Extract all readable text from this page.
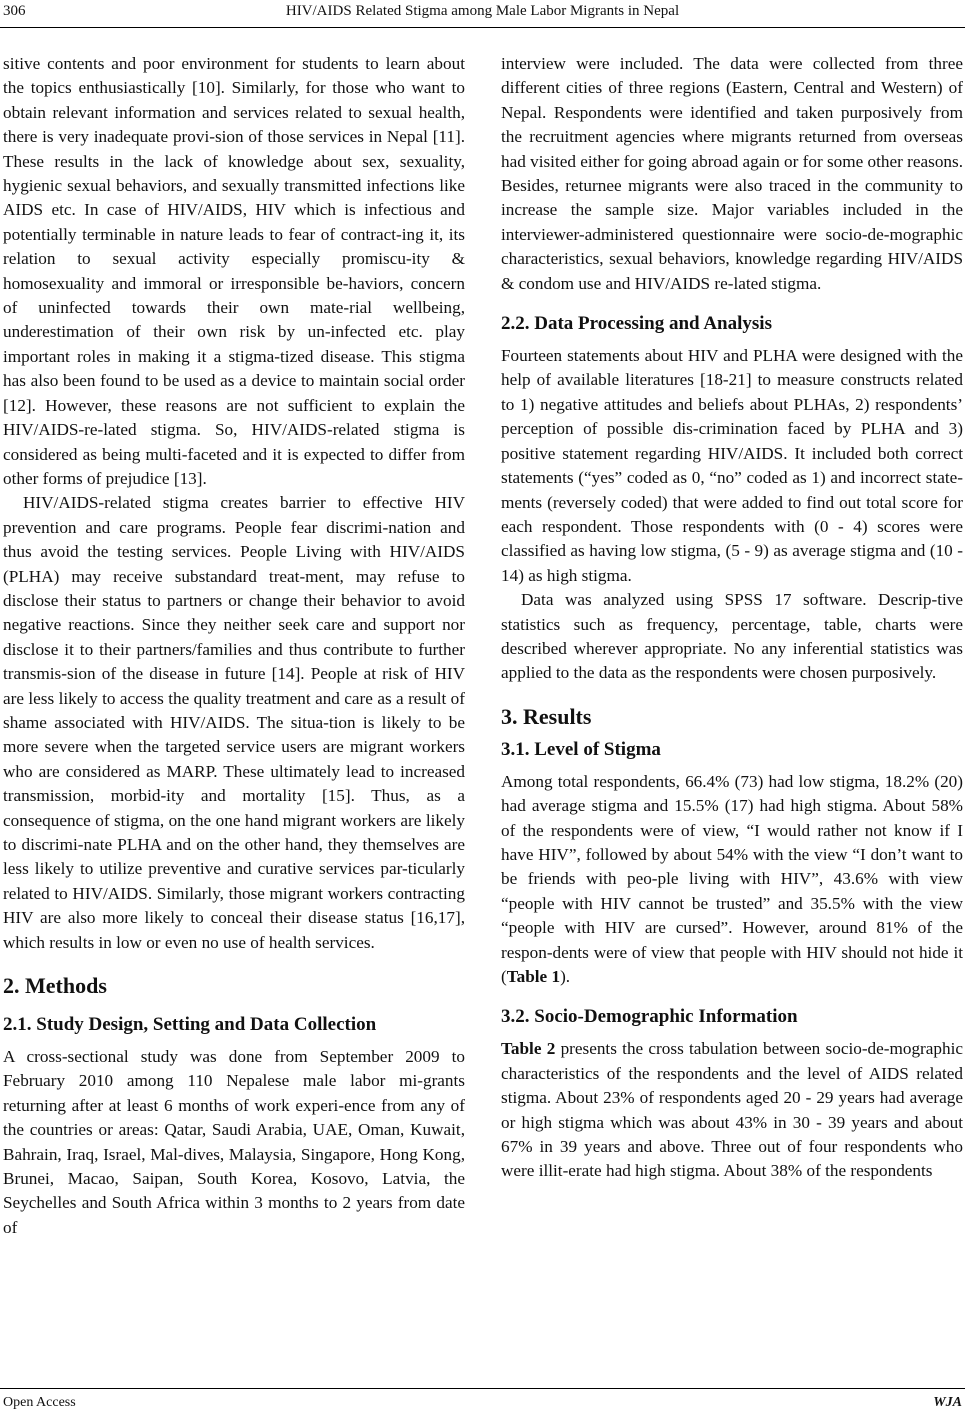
306	HIV/AIDS Related Stigma among Male Labor Migrants in Nepal

sitive contents and poor environment for students to learn about the topics enthusiastically [10]. Similarly, for those who want to obtain relevant information and services related to sexual health, there is very inadequate provi-sion of those services in Nepal [11]. These results in the lack of knowledge about sex, sexuality, hygienic sexual behaviors, and sexually transmitted infections like AIDS etc. In case of HIV/AIDS, HIV which is infectious and potentially terminable in nature leads to fear of contract-ing it, its relation to sexual activity especially promiscu-ity & homosexuality and immoral or irresponsible be-haviors, concern of uninfected towards their own mate-rial wellbeing, underestimation of their own risk by un-infected etc. play important roles in making it a stigma-tized disease. This stigma has also been found to be used as a device to maintain social order [12]. However, these reasons are not sufficient to explain the HIV/AIDS-re-lated stigma. So, HIV/AIDS-related stigma is considered as being multi-faceted and it is expected to differ from other forms of prejudice [13].

HIV/AIDS-related stigma creates barrier to effective HIV prevention and care programs. People fear discrimi-nation and thus avoid the testing services. People Living with HIV/AIDS (PLHA) may receive substandard treat-ment, may refuse to disclose their status to partners or change their behavior to avoid negative reactions. Since they neither seek care and support nor disclose it to their partners/families and thus contribute to further transmis-sion of the disease in future [14]. People at risk of HIV are less likely to access the quality treatment and care as a result of shame associated with HIV/AIDS. The situa-tion is likely to be more severe when the targeted service users are migrant workers who are considered as MARP. These ultimately lead to increased transmission, morbid-ity and mortality [15]. Thus, as a consequence of stigma, on the one hand migrant workers are likely to discrimi-nate PLHA and on the other hand, they themselves are less likely to utilize preventive and curative services par-ticularly related to HIV/AIDS. Similarly, those migrant workers contracting HIV are also more likely to conceal their disease status [16,17], which results in low or even no use of health services.

2. Methods
2.1. Study Design, Setting and Data Collection

A cross-sectional study was done from September 2009 to February 2010 among 110 Nepalese male labor mi-grants returning after at least 6 months of work experi-ence from any of the countries or areas: Qatar, Saudi Arabia, UAE, Oman, Kuwait, Bahrain, Iraq, Israel, Mal-dives, Malaysia, Singapore, Hong Kong, Brunei, Macao, Saipan, South Korea, Kosovo, Latvia, the Seychelles and South Africa within 3 months to 2 years from date of

interview were included. The data were collected from three different cities of three regions (Eastern, Central and Western) of Nepal. Respondents were identified and taken purposively from the recruitment agencies where migrants returned from overseas had visited either for going abroad again or for some other reasons. Besides, returnee migrants were also traced in the community to increase the sample size. Major variables included in the interviewer-administered questionnaire were socio-de-mographic characteristics, sexual behaviors, knowledge regarding HIV/AIDS & condom use and HIV/AIDS re-lated stigma.

2.2. Data Processing and Analysis

Fourteen statements about HIV and PLHA were designed with the help of available literatures [18-21] to measure constructs related to 1) negative attitudes and beliefs about PLHAs, 2) respondents’ perception of possible dis-crimination faced by PLHA and 3) positive statement regarding HIV/AIDS. It included both correct statements (“yes” coded as 0, “no” coded as 1) and incorrect state-ments (reversely coded) that were added to find out total score for each respondent. Those respondents with (0 - 4) scores were classified as having low stigma, (5 - 9) as average stigma and (10 - 14) as high stigma.

Data was analyzed using SPSS 17 software. Descrip-tive statistics such as frequency, percentage, table, charts were described wherever appropriate. No any inferential statistics was applied to the data as the respondents were chosen purposively.

3. Results
3.1. Level of Stigma

Among total respondents, 66.4% (73) had low stigma, 18.2% (20) had average stigma and 15.5% (17) had high stigma. About 58% of the respondents were of view, “I would rather not know if I have HIV”, followed by about 54% with the view “I don’t want to be friends with peo-ple living with HIV”, 43.6% with view “people with HIV cannot be trusted” and 35.5% with the view “people with HIV are cursed”. However, around 81% of the respon-dents were of view that people with HIV should not hide it (Table 1).

3.2. Socio-Demographic Information

Table 2 presents the cross tabulation between socio-de-mographic characteristics of the respondents and the level of AIDS related stigma. About 23% of respondents aged 20 - 29 years had average or high stigma which was about 43% in 30 - 39 years and about 67% in 39 years and above. Three out of four respondents who were illit-erate had high stigma. About 38% of the respondents

Open Access	WJA
